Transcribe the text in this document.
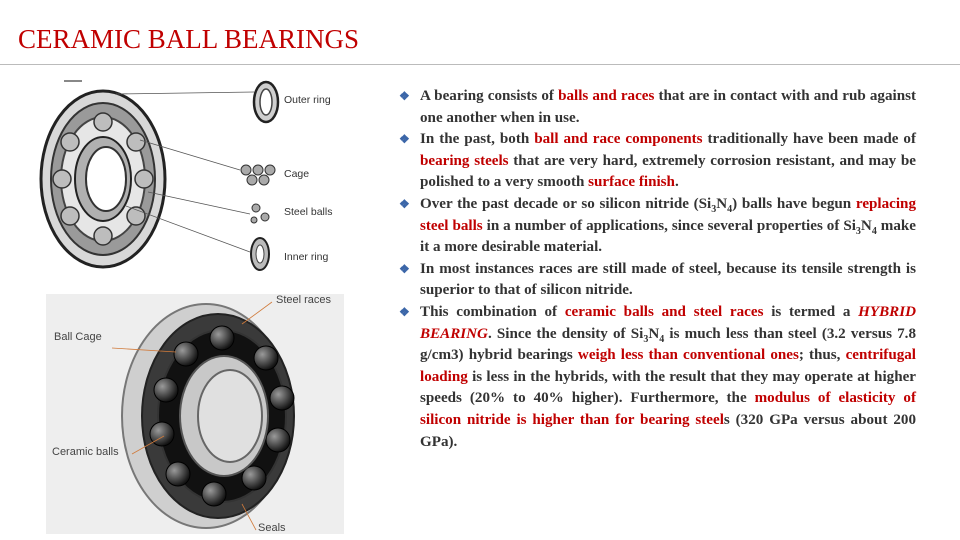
CERAMIC BALL BEARINGS
Outer ring
Cage
Steel balls
Inner ring
Steel races
Ball Cage
Ceramic balls
Seals
❖ A bearing consists of balls and races that are in contact with and rub against one another when in use.
❖ In the past, both ball and race components traditionally have been made of bearing steels that are very hard, extremely corrosion resistant, and may be polished to a very smooth surface finish.
❖ Over the past decade or so silicon nitride $(Si_3N_4)$ balls have begun replacing steel balls in a number of applications, since several properties of $Si_3N_4$ make it a more desirable material.
❖ In most instances races are still made of steel, because its tensile strength is superior to that of silicon nitride.
❖ This combination of ceramic balls and steel races is termed a HYBRID BEARING. Since the density of $Si_3N_4$ is much less than steel (3.2 versus 7.8 g/cm3) hybrid bearings weigh less than conventional ones; thus, centrifugal loading is less in the hybrids, with the result that they may operate at higher speeds (20% to 40% higher). Furthermore, the modulus of elasticity of silicon nitride is higher than for bearing steels (320 GPa versus about 200 GPa).
